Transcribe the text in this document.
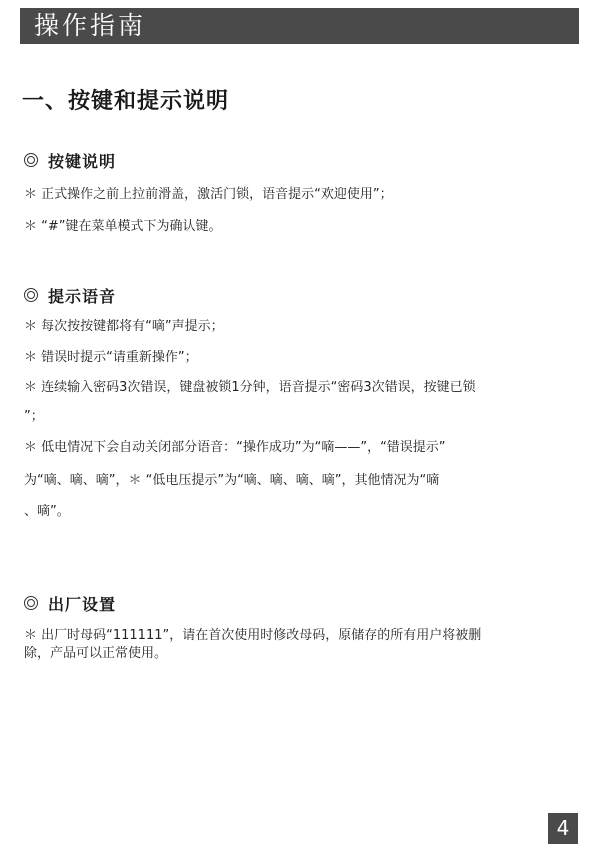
操作指南
一、按键和提示说明
按键说明
＊ 正式操作之前上拉前滑盖，激活门锁，语音提示“欢迎使用”；
＊ “#”键在菜单模式下为确认键。
提示语音
＊ 每次按按键都将有“嘀”声提示；
＊ 错误时提示“请重新操作”；
＊ 连续输入密码3次错误，键盘被锁1分钟，语音提示“密码3次错误，按键已锁
”；
＊ 低电情况下会自动关闭部分语音：“操作成功”为“嘀——”，“错误提示”
为“嘀、嘀、嘀”，＊ “低电压提示”为“嘀、嘀、嘀、嘀”，其他情况为“嘀
、嘀”。
出厂设置
＊ 出厂时母码“111111”，请在首次使用时修改母码，原储存的所有用户将被删
除，产品可以正常使用。
4
